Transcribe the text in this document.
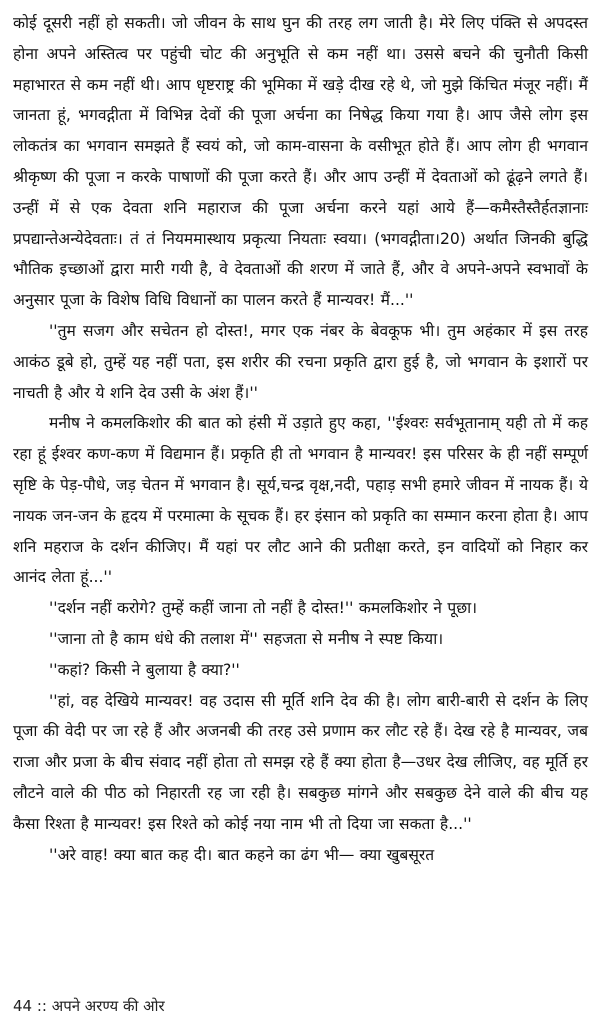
कोई दूसरी नहीं हो सकती। जो जीवन के साथ घुन की तरह लग जाती है। मेरे लिए पंक्ति से अपदस्त होना अपने अस्तित्व पर पहुंची चोट की अनुभूति से कम नहीं था। उससे बचने की चुनौती किसी महाभारत से कम नहीं थी। आप धृष्टराष्ट्र की भूमिका में खड़े दीख रहे थे, जो मुझे किंचित मंजूर नहीं। मैं जानता हूं, भगवद्गीता में विभिन्न देवों की पूजा अर्चना का निषेद्ध किया गया है। आप जैसे लोग इस लोकतंत्र का भगवान समझते हैं स्वयं को, जो काम-वासना के वसीभूत होते हैं। आप लोग ही भगवान श्रीकृष्ण की पूजा न करके पाषाणों की पूजा करते हैं। और आप उन्हीं में देवताओं को ढूंढ़ने लगते हैं। उन्हीं में से एक देवता शनि महाराज की पूजा अर्चना करने यहां आये हैं—कमैस्तैस्तैर्हतज्ञानाः प्रपद्यान्तेअन्येदेवताः। तं तं नियममास्थाय प्रकृत्या नियताः स्वया। (भगवद्गीता।20) अर्थात जिनकी बुद्धि भौतिक इच्छाओं द्वारा मारी गयी है, वे देवताओं की शरण में जाते हैं, और वे अपने-अपने स्वभावों के अनुसार पूजा के विशेष विधि विधानों का पालन करते हैं मान्यवर! मैं...''

''तुम सजग और सचेतन हो दोस्त!, मगर एक नंबर के बेवकूफ भी। तुम अहंकार में इस तरह आकंठ डूबे हो, तुम्हें यह नहीं पता, इस शरीर की रचना प्रकृति द्वारा हुई है, जो भगवान के इशारों पर नाचती है और ये शनि देव उसी के अंश हैं।''

मनीष ने कमलकिशोर की बात को हंसी में उड़ाते हुए कहा, ''ईश्वरः सर्वभूतानाम् यही तो में कह रहा हूं ईश्वर कण-कण में विद्यमान हैं। प्रकृति ही तो भगवान है मान्यवर! इस परिसर के ही नहीं सम्पूर्ण सृष्टि के पेड़-पौधे, जड़ चेतन में भगवान है। सूर्य,चन्द्र वृक्ष,नदी, पहाड़ सभी हमारे जीवन में नायक हैं। ये नायक जन-जन के हृदय में परमात्मा के सूचक हैं। हर इंसान को प्रकृति का सम्मान करना होता है। आप शनि महराज के दर्शन कीजिए। मैं यहां पर लौट आने की प्रतीक्षा करते, इन वादियों को निहार कर आनंद लेता हूं...''

''दर्शन नहीं करोगे? तुम्हें कहीं जाना तो नहीं है दोस्त!'' कमलकिशोर ने पूछा।

''जाना तो है काम धंधे की तलाश में'' सहजता से मनीष ने स्पष्ट किया।

''कहां? किसी ने बुलाया है क्या?''

''हां, वह देखिये मान्यवर! वह उदास सी मूर्ति शनि देव की है। लोग बारी-बारी से दर्शन के लिए पूजा की वेदी पर जा रहे हैं और अजनबी की तरह उसे प्रणाम कर लौट रहे हैं। देख रहे है मान्यवर, जब राजा और प्रजा के बीच संवाद नहीं होता तो समझ रहे हैं क्या होता है—उधर देख लीजिए, वह मूर्ति हर लौटने वाले की पीठ को निहारती रह जा रही है। सबकुछ मांगने और सबकुछ देने वाले की बीच यह कैसा रिश्ता है मान्यवर! इस रिश्ते को कोई नया नाम भी तो दिया जा सकता है...''

''अरे वाह! क्या बात कह दी। बात कहने का ढंग भी— क्या खुबसूरत

44 :: अपने अरण्य की ओर
